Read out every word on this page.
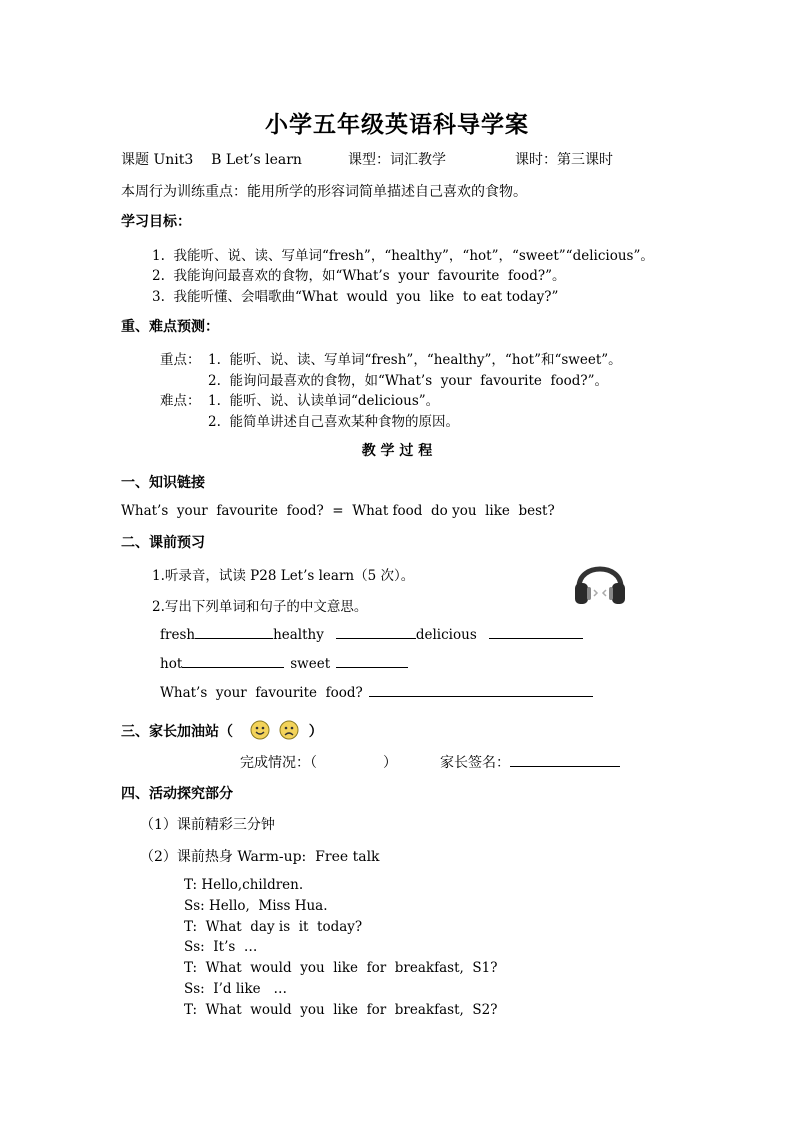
小学五年级英语科导学案
课题 Unit3    B Let’s learn	课型：词汇教学	课时：第三课时
本周行为训练重点：能用所学的形容词简单描述自己喜欢的食物。
学习目标：
1.  我能听、说、读、写单词“fresh”，“healthy”，“hot”，“sweet”“delicious”。
2.  我能询问最喜欢的食物，如“What’s  your  favourite  food?”。
3.  我能听懂、会唱歌曲“What  would  you  like  to eat today?”
重、难点预测：
重点： 1.  能听、说、读、写单词“fresh”，“healthy”，“hot”和“sweet”。
2.  能询问最喜欢的食物，如“What’s  your  favourite  food?”。
难点： 1.  能听、说、认读单词“delicious”。
2.  能简单讲述自己喜欢某种食物的原因。
教 学 过 程
一、知识链接
What’s  your  favourite  food?  =  What food  do you  like  best?
二、课前预习
1.听录音，试读 P28 Let’s learn（5 次）。
2.写出下列单词和句子的中文意思。
fresh	healthy	delicious
hot	sweet
What’s  your  favourite  food?
三、家长加油站（	）
完成情况：（	）	家长签名：
四、活动探究部分
（1）课前精彩三分钟
（2）课前热身 Warm-up:  Free talk
T: Hello,children.
Ss: Hello,  Miss Hua.
T:  What  day is  it  today?
Ss:  It’s  …
T:  What  would  you  like  for  breakfast,  S1?
Ss:  I’d like   …
T:  What  would  you  like  for  breakfast,  S2?
